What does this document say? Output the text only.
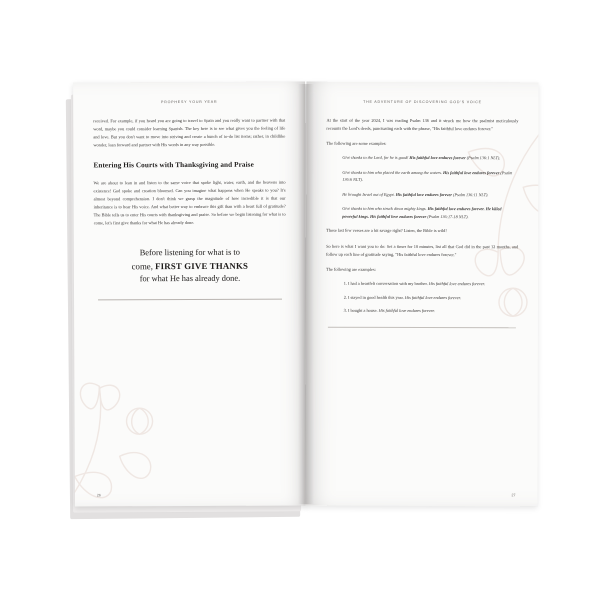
PROPHESY YOUR YEAR

received. For example, if you heard you are going to travel to Spain and you really want to partner with that word, maybe you could consider learning Spanish. The key here is to see what gives you the feeling of life and love. But you don't want to move into striving and create a bunch of to-do list items; rather, in childlike wonder, lean forward and partner with His words in any way possible.

Entering His Courts with Thanksgiving and Praise

We are about to lean in and listen to the same voice that spoke light, water, earth, and the heavens into existence! God spoke and creation bloomed. Can you imagine what happens when He speaks to you? It's almost beyond comprehension. I don't think we grasp the magnitude of how incredible it is that our inheritance is to hear His voice. And what better way to embrace this gift than with a heart full of gratitude? The Bible tells us to enter His courts with thanksgiving and praise. So before we begin listening for what is to come, let's first give thanks for what He has already done.

Before listening for what is to
come, FIRST GIVE THANKS
for what He has already done.
26
THE ADVENTURE OF DISCOVERING GOD'S VOICE

At the start of the year 2024, I was reading Psalm 136 and it struck me how the psalmist meticulously recounts the Lord's deeds, punctuating each with the phrase, "His faithful love endures forever."

The following are some examples:

Give thanks to the Lord, for he is good! His faithful love endures forever (Psalm 136:1 NLT).

Give thanks to him who placed the earth among the waters. His faithful love endures forever (Psalm 136:6 NLT).

He brought Israel out of Egypt. His faithful love endures forever (Psalm 136:11 NLT).

Give thanks to him who struck down mighty kings. His faithful love endures forever. He killed powerful kings. His faithful love endures forever (Psalm 136:17-18 NLT).

Those last few verses are a bit savage right? Listen, the Bible is wild!

So here is what I want you to do: Set a timer for 10 minutes, list all that God did in the past 12 months, and follow up each line of gratitude saying, "His faithful love endures forever."

The following are examples:

1. I had a heartfelt conversation with my brother. His faithful love endures forever.
2. I stayed in good health this year. His faithful love endures forever.
3. I bought a house. His faithful love endures forever.
27
